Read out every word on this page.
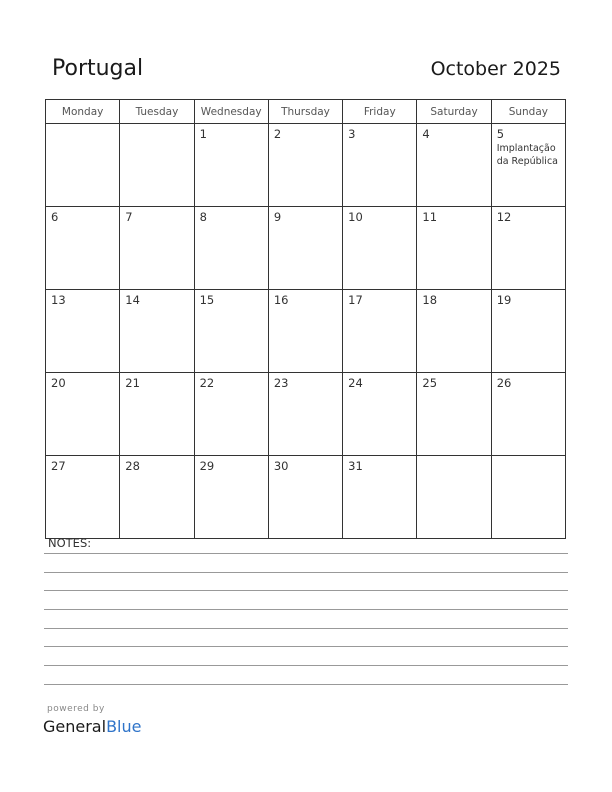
Portugal	October 2025
Monday	Tuesday	Wednesday	Thursday	Friday	Saturday	Sunday

		1	2	3	4	5
Implantação da República

6	7	8	9	10	11	12

13	14	15	16	17	18	19

20	21	22	23	24	25	26

27	28	29	30	31		

NOTES:
powered by
GeneralBlue
